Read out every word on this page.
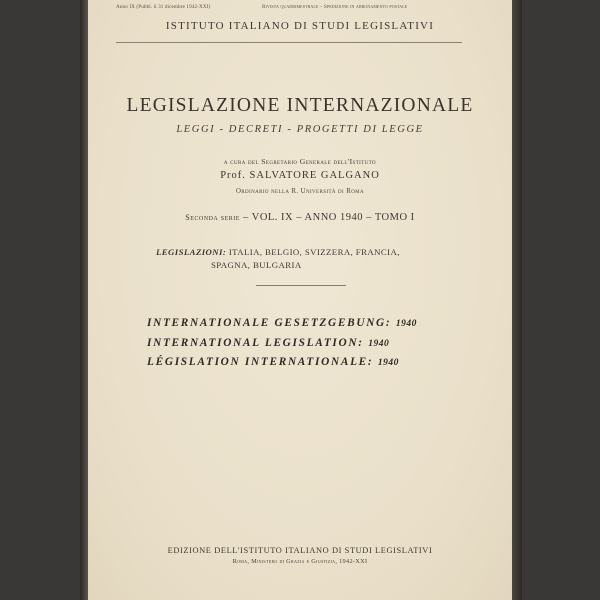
Anno IX (Pubbl. il 31 dicembre 1942-XXI)	Rivista quadrimestrale – Spedizione in abbonamento postale
ISTITUTO ITALIANO DI STUDI LEGISLATIVI
LEGISLAZIONE INTERNAZIONALE
LEGGI - DECRETI - PROGETTI DI LEGGE
a cura del Segretario Generale dell'Istituto
Prof. SALVATORE GALGANO
Ordinario nella R. Università di Roma
Seconda serie – VOL. IX – ANNO 1940 – TOMO I
LEGISLAZIONI: ITALIA, BELGIO, SVIZZERA, FRANCIA,
SPAGNA, BULGARIA
INTERNATIONALE GESETZGEBUNG: 1940
INTERNATIONAL LEGISLATION: 1940
LÉGISLATION INTERNATIONALE: 1940
EDIZIONE DELL'ISTITUTO ITALIANO DI STUDI LEGISLATIVI
Roma, Ministero di Grazia e Giustizia, 1942-XXI
